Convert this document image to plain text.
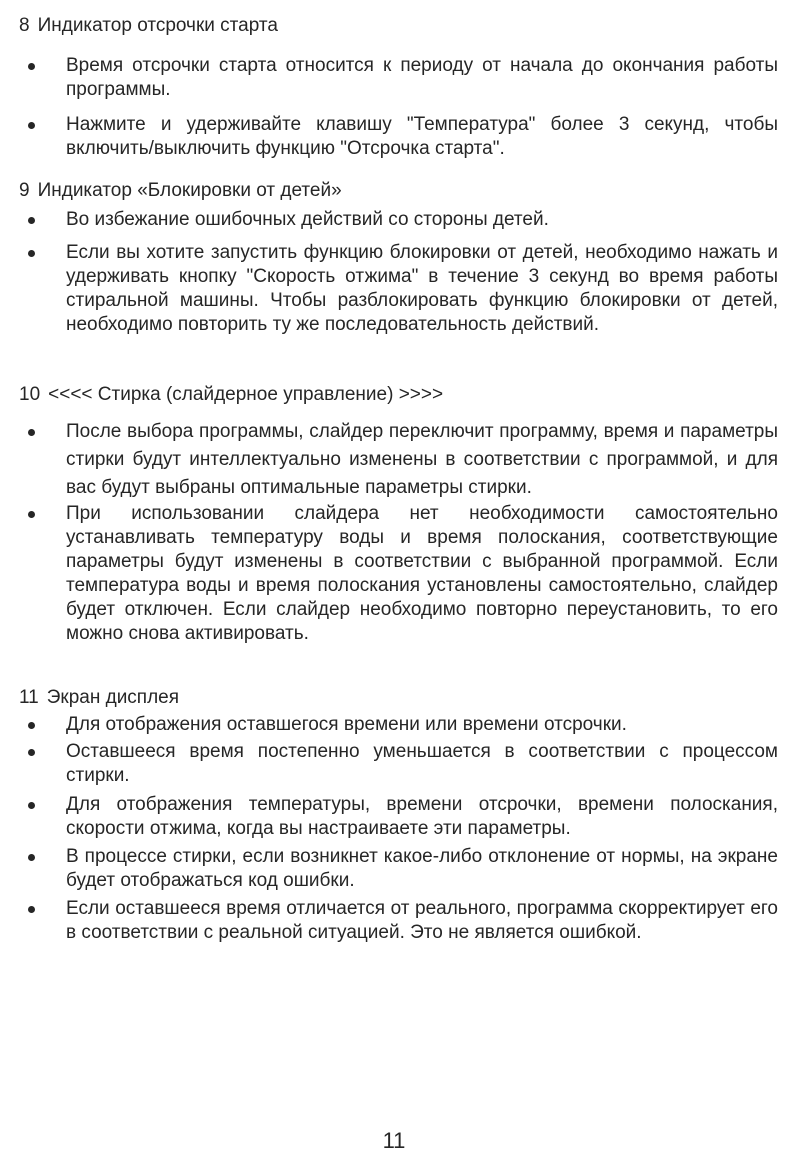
8 Индикатор отсрочки старта
Время отсрочки старта относится к периоду от начала до окончания работы программы.
Нажмите и удерживайте клавишу "Температура" более 3 секунд, чтобы включить/выключить функцию "Отсрочка старта".
9 Индикатор «Блокировки от детей»
Во избежание ошибочных действий со стороны детей.
Если вы хотите запустить функцию блокировки от детей, необходимо нажать и удерживать кнопку "Скорость отжима" в течение 3 секунд во время работы стиральной машины. Чтобы разблокировать функцию блокировки от детей, необходимо повторить ту же последовательность действий.
10 <<<< Стирка (слайдерное управление) >>>>
После выбора программы, слайдер переключит программу, время и параметры стирки будут интеллектуально изменены в соответствии с программой, и для вас будут выбраны оптимальные параметры стирки.
При использовании слайдера нет необходимости самостоятельно устанавливать температуру воды и время полоскания, соответствующие параметры будут изменены в соответствии с выбранной программой. Если температура воды и время полоскания установлены самостоятельно, слайдер будет отключен. Если слайдер необходимо повторно переустановить, то его можно снова активировать.
11 Экран дисплея
Для отображения оставшегося времени или времени отсрочки.
Оставшееся время постепенно уменьшается в соответствии с процессом стирки.
Для отображения температуры, времени отсрочки, времени полоскания, скорости отжима, когда вы настраиваете эти параметры.
В процессе стирки, если возникнет какое-либо отклонение от нормы, на экране будет отображаться код ошибки.
Если оставшееся время отличается от реального, программа скорректирует его в соответствии с реальной ситуацией. Это не является ошибкой.
11
